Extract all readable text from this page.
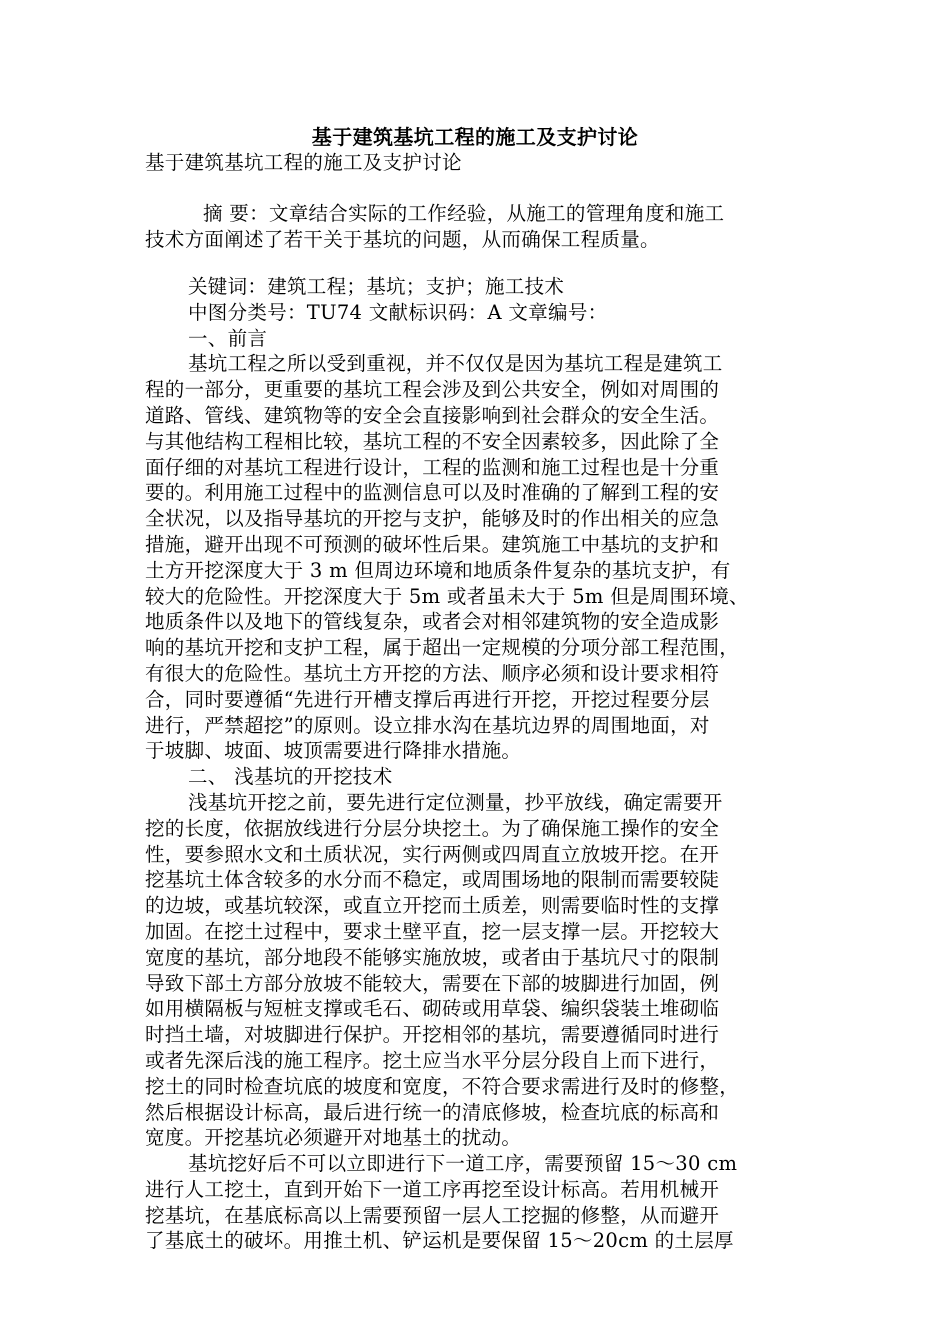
基于建筑基坑工程的施工及支护讨论
基于建筑基坑工程的施工及支护讨论
摘 要：文章结合实际的工作经验，从施工的管理角度和施工
技术方面阐述了若干关于基坑的问题，从而确保工程质量。
关键词：建筑工程；基坑；支护；施工技术
中图分类号：TU74 文献标识码：A 文章编号：
一、前言
基坑工程之所以受到重视，并不仅仅是因为基坑工程是建筑工
程的一部分，更重要的基坑工程会涉及到公共安全，例如对周围的
道路、管线、建筑物等的安全会直接影响到社会群众的安全生活。
与其他结构工程相比较，基坑工程的不安全因素较多，因此除了全
面仔细的对基坑工程进行设计，工程的监测和施工过程也是十分重
要的。利用施工过程中的监测信息可以及时准确的了解到工程的安
全状况，以及指导基坑的开挖与支护，能够及时的作出相关的应急
措施，避开出现不可预测的破坏性后果。建筑施工中基坑的支护和
土方开挖深度大于 3 m 但周边环境和地质条件复杂的基坑支护，有
较大的危险性。开挖深度大于 5m 或者虽未大于 5m 但是周围环境、
地质条件以及地下的管线复杂，或者会对相邻建筑物的安全造成影
响的基坑开挖和支护工程，属于超出一定规模的分项分部工程范围，
有很大的危险性。基坑土方开挖的方法、顺序必须和设计要求相符
合，同时要遵循“先进行开槽支撑后再进行开挖，开挖过程要分层
进行，严禁超挖”的原则。设立排水沟在基坑边界的周围地面，对
于坡脚、坡面、坡顶需要进行降排水措施。
二、 浅基坑的开挖技术
浅基坑开挖之前，要先进行定位测量，抄平放线，确定需要开
挖的长度，依据放线进行分层分块挖土。为了确保施工操作的安全
性，要参照水文和土质状况，实行两侧或四周直立放坡开挖。在开
挖基坑土体含较多的水分而不稳定，或周围场地的限制而需要较陡
的边坡，或基坑较深，或直立开挖而土质差，则需要临时性的支撑
加固。在挖土过程中，要求土壁平直，挖一层支撑一层。开挖较大
宽度的基坑，部分地段不能够实施放坡，或者由于基坑尺寸的限制
导致下部土方部分放坡不能较大，需要在下部的坡脚进行加固，例
如用横隔板与短桩支撑或毛石、砌砖或用草袋、编织袋装土堆砌临
时挡土墙，对坡脚进行保护。开挖相邻的基坑，需要遵循同时进行
或者先深后浅的施工程序。挖土应当水平分层分段自上而下进行，
挖土的同时检查坑底的坡度和宽度，不符合要求需进行及时的修整，
然后根据设计标高，最后进行统一的清底修坡，检查坑底的标高和
宽度。开挖基坑必须避开对地基土的扰动。
基坑挖好后不可以立即进行下一道工序，需要预留 15～30 cm
进行人工挖土，直到开始下一道工序再挖至设计标高。若用机械开
挖基坑，在基底标高以上需要预留一层人工挖掘的修整，从而避开
了基底土的破坏。用推土机、铲运机是要保留 15～20cm 的土层厚
